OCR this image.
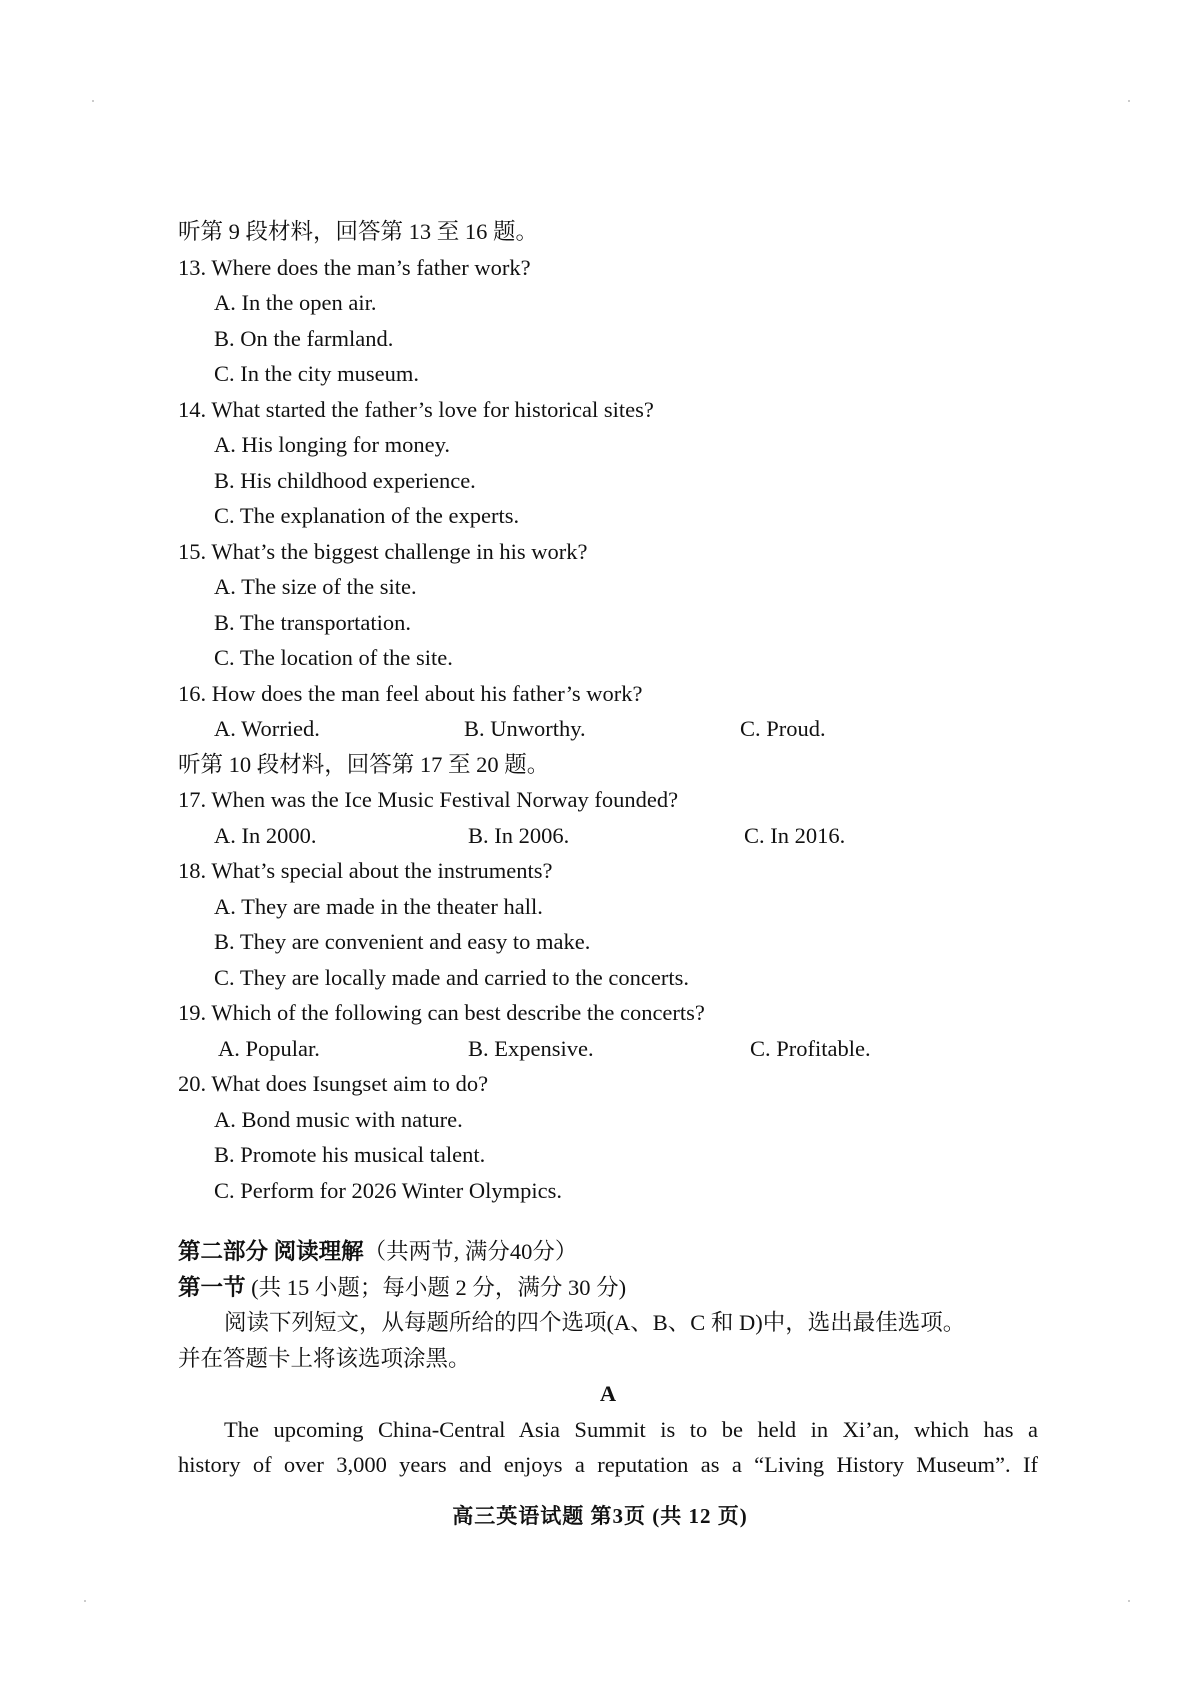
听第 9 段材料，回答第 13 至 16 题。
13. Where does the man’s father work?
A. In the open air.
B. On the farmland.
C. In the city museum.
14. What started the father’s love for historical sites?
A. His longing for money.
B. His childhood experience.
C. The explanation of the experts.
15. What’s the biggest challenge in his work?
A. The size of the site.
B. The transportation.
C. The location of the site.
16. How does the man feel about his father’s work?
A. Worried.	B. Unworthy.	C. Proud.
听第 10 段材料，回答第 17 至 20 题。
17. When was the Ice Music Festival Norway founded?
A. In 2000.	B. In 2006.	C. In 2016.
18. What’s special about the instruments?
A. They are made in the theater hall.
B. They are convenient and easy to make.
C. They are locally made and carried to the concerts.
19. Which of the following can best describe the concerts?
A. Popular.	B. Expensive.	C. Profitable.
20. What does Isungset aim to do?
A. Bond music with nature.
B. Promote his musical talent.
C. Perform for 2026 Winter Olympics.
第二部分 阅读理解（共两节, 满分40分）
第一节 (共 15 小题；每小题 2 分，满分 30 分)
阅读下列短文，从每题所给的四个选项(A、B、C 和 D)中，选出最佳选项。
并在答题卡上将该选项涂黑。
A
The upcoming China-Central Asia Summit is to be held in Xi’an, which has a
history of over 3,000 years and enjoys a reputation as a “Living History Museum”. If
高三英语试题 第3页 (共 12 页)
